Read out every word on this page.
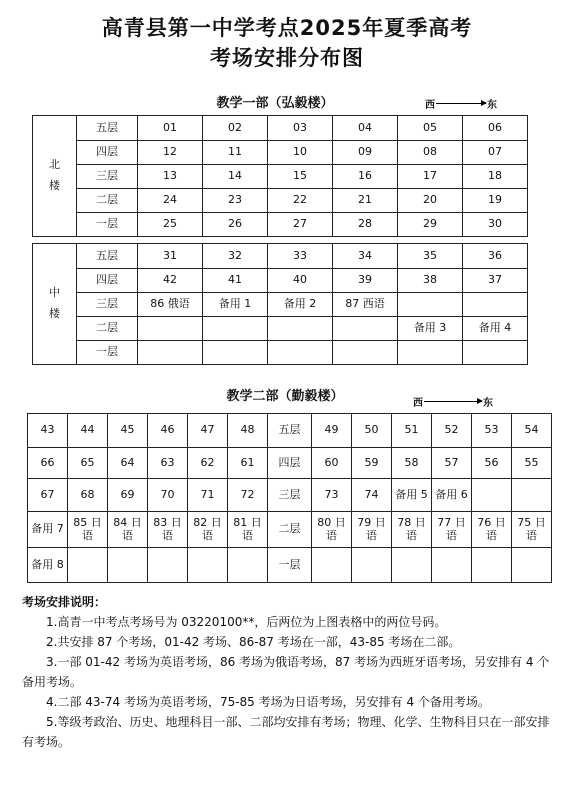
高青县第一中学考点2025年夏季高考
考场安排分布图
教学一部（弘毅楼）	西	东
北
楼	五层	01	02	03	04	05	06
	四层	12	11	10	09	08	07
	三层	13	14	15	16	17	18
	二层	24	23	22	21	20	19
	一层	25	26	27	28	29	30
中
楼	五层	31	32	33	34	35	36
	四层	42	41	40	39	38	37
	三层	86 俄语	备用 1	备用 2	87 西语		
	二层					备用 3	备用 4
	一层						
教学二部（勤毅楼）	西	东
43	44	45	46	47	48	五层	49	50	51	52	53	54
66	65	64	63	62	61	四层	60	59	58	57	56	55
67	68	69	70	71	72	三层	73	74	备用 5	备用 6		
备用 7	85 日语	84 日语	83 日语	82 日语	81 日语	二层	80 日语	79 日语	78 日语	77 日语	76 日语	75 日语
备用 8						一层						

考场安排说明：

1.高青一中考点考场号为 03220100**，后两位为上图表格中的两位号码。

2.共安排 87 个考场，01-42 考场、86-87 考场在一部，43-85 考场在二部。

3.一部 01-42 考场为英语考场，86 考场为俄语考场，87 考场为西班牙语考场，另安排有 4 个备用考场。

4.二部 43-74 考场为英语考场，75-85 考场为日语考场，另安排有 4 个备用考场。

5.等级考政治、历史、地理科目一部、二部均安排有考场；物理、化学、生物科目只在一部安排有考场。
